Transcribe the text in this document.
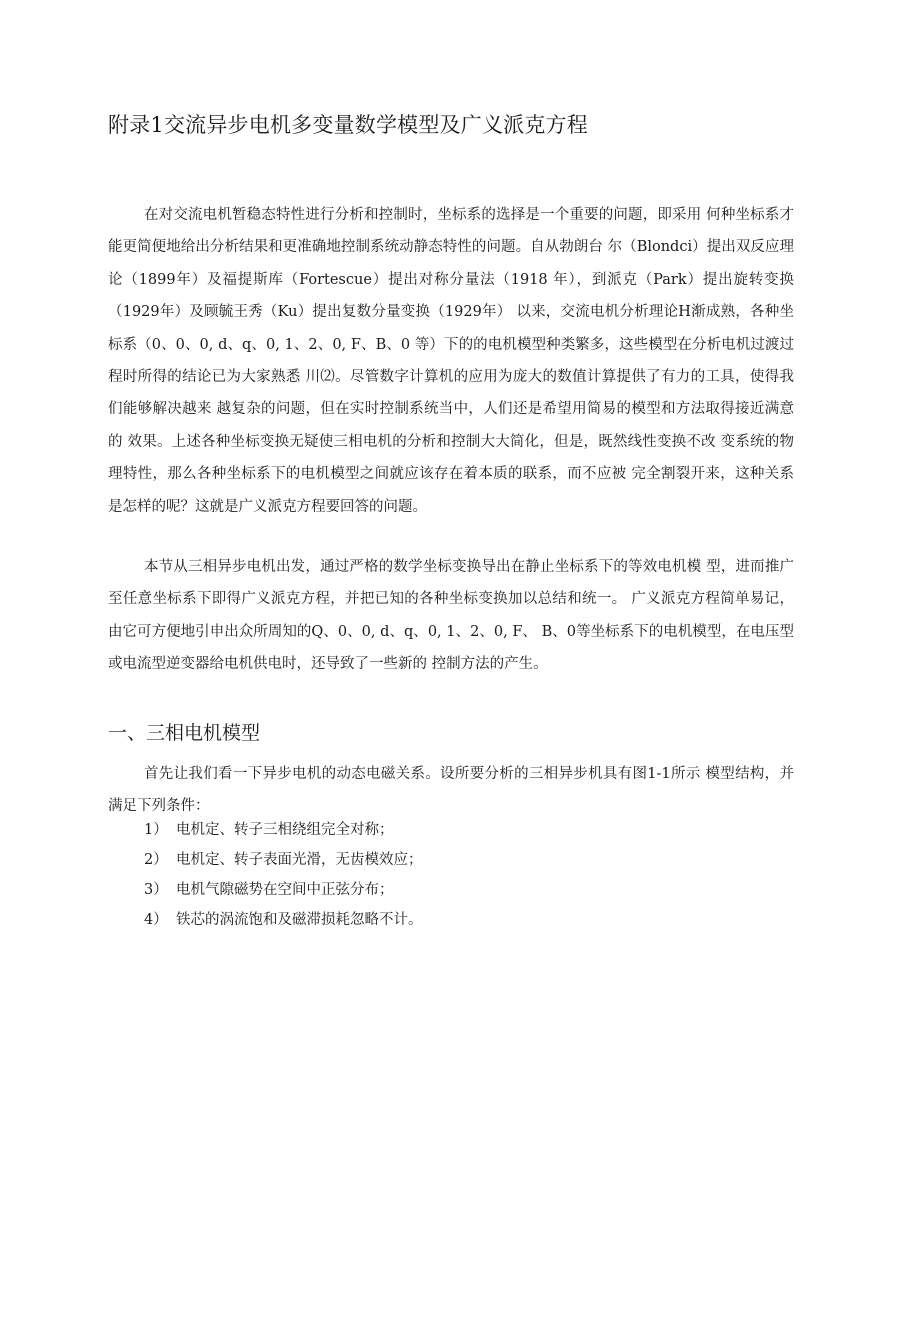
附录1交流异步电机多变量数学模型及广义派克方程

在对交流电机暂稳态特性进行分析和控制时，坐标系的选择是一个重要的问题，即采用 何种坐标系才能更简便地给出分析结果和更准确地控制系统动静态特性的问题。自从勃朗台 尔（Blondci）提出双反应理论（1899年）及福提斯库（Fortescue）提出对称分量法（1918 年），到派克（Park）提出旋转变换（1929年）及顾毓王秀（Ku）提出复数分量变换（1929年） 以来，交流电机分析理论H渐成熟，各种坐标系（0、0、0, d、q、0, 1、2、0, F、B、0 等）下的的电机模型种类繁多，这些模型在分析电机过渡过程时所得的结论已为大家熟悉 川⑵。尽管数字计算机的应用为庞大的数值计算提供了有力的工具，使得我们能够解决越来 越复杂的问题，但在实时控制系统当中，人们还是希望用简易的模型和方法取得接近满意的 效果。上述各种坐标变换无疑使三相电机的分析和控制大大简化，但是，既然线性变换不改 变系统的物理特性，那么各种坐标系下的电机模型之间就应该存在着本质的联系，而不应被 完全割裂开来，这种关系是怎样的呢？这就是广义派克方程要回答的问题。

本节从三相异步电机出发，通过严格的数学坐标变换导出在静止坐标系下的等效电机模 型，进而推广至任意坐标系下即得广义派克方程，并把已知的各种坐标变换加以总结和统一。 广义派克方程简单易记，由它可方便地引申出众所周知的Q、0、0, d、q、0, 1、2、0, F、 B、0等坐标系下的电机模型，在电压型或电流型逆变器给电机供电时，还导致了一些新的 控制方法的产生。

一、三相电机模型

首先让我们看一下异步电机的动态电磁关系。设所要分析的三相异步机具有图1-1所示 模型结构，并满足下列条件：

1） 电机定、转子三相绕组完全对称；
2） 电机定、转子表面光滑，无齿模效应；
3） 电机气隙磁势在空间中正弦分布；
4） 铁芯的涡流饱和及磁滞损耗忽略不计。
